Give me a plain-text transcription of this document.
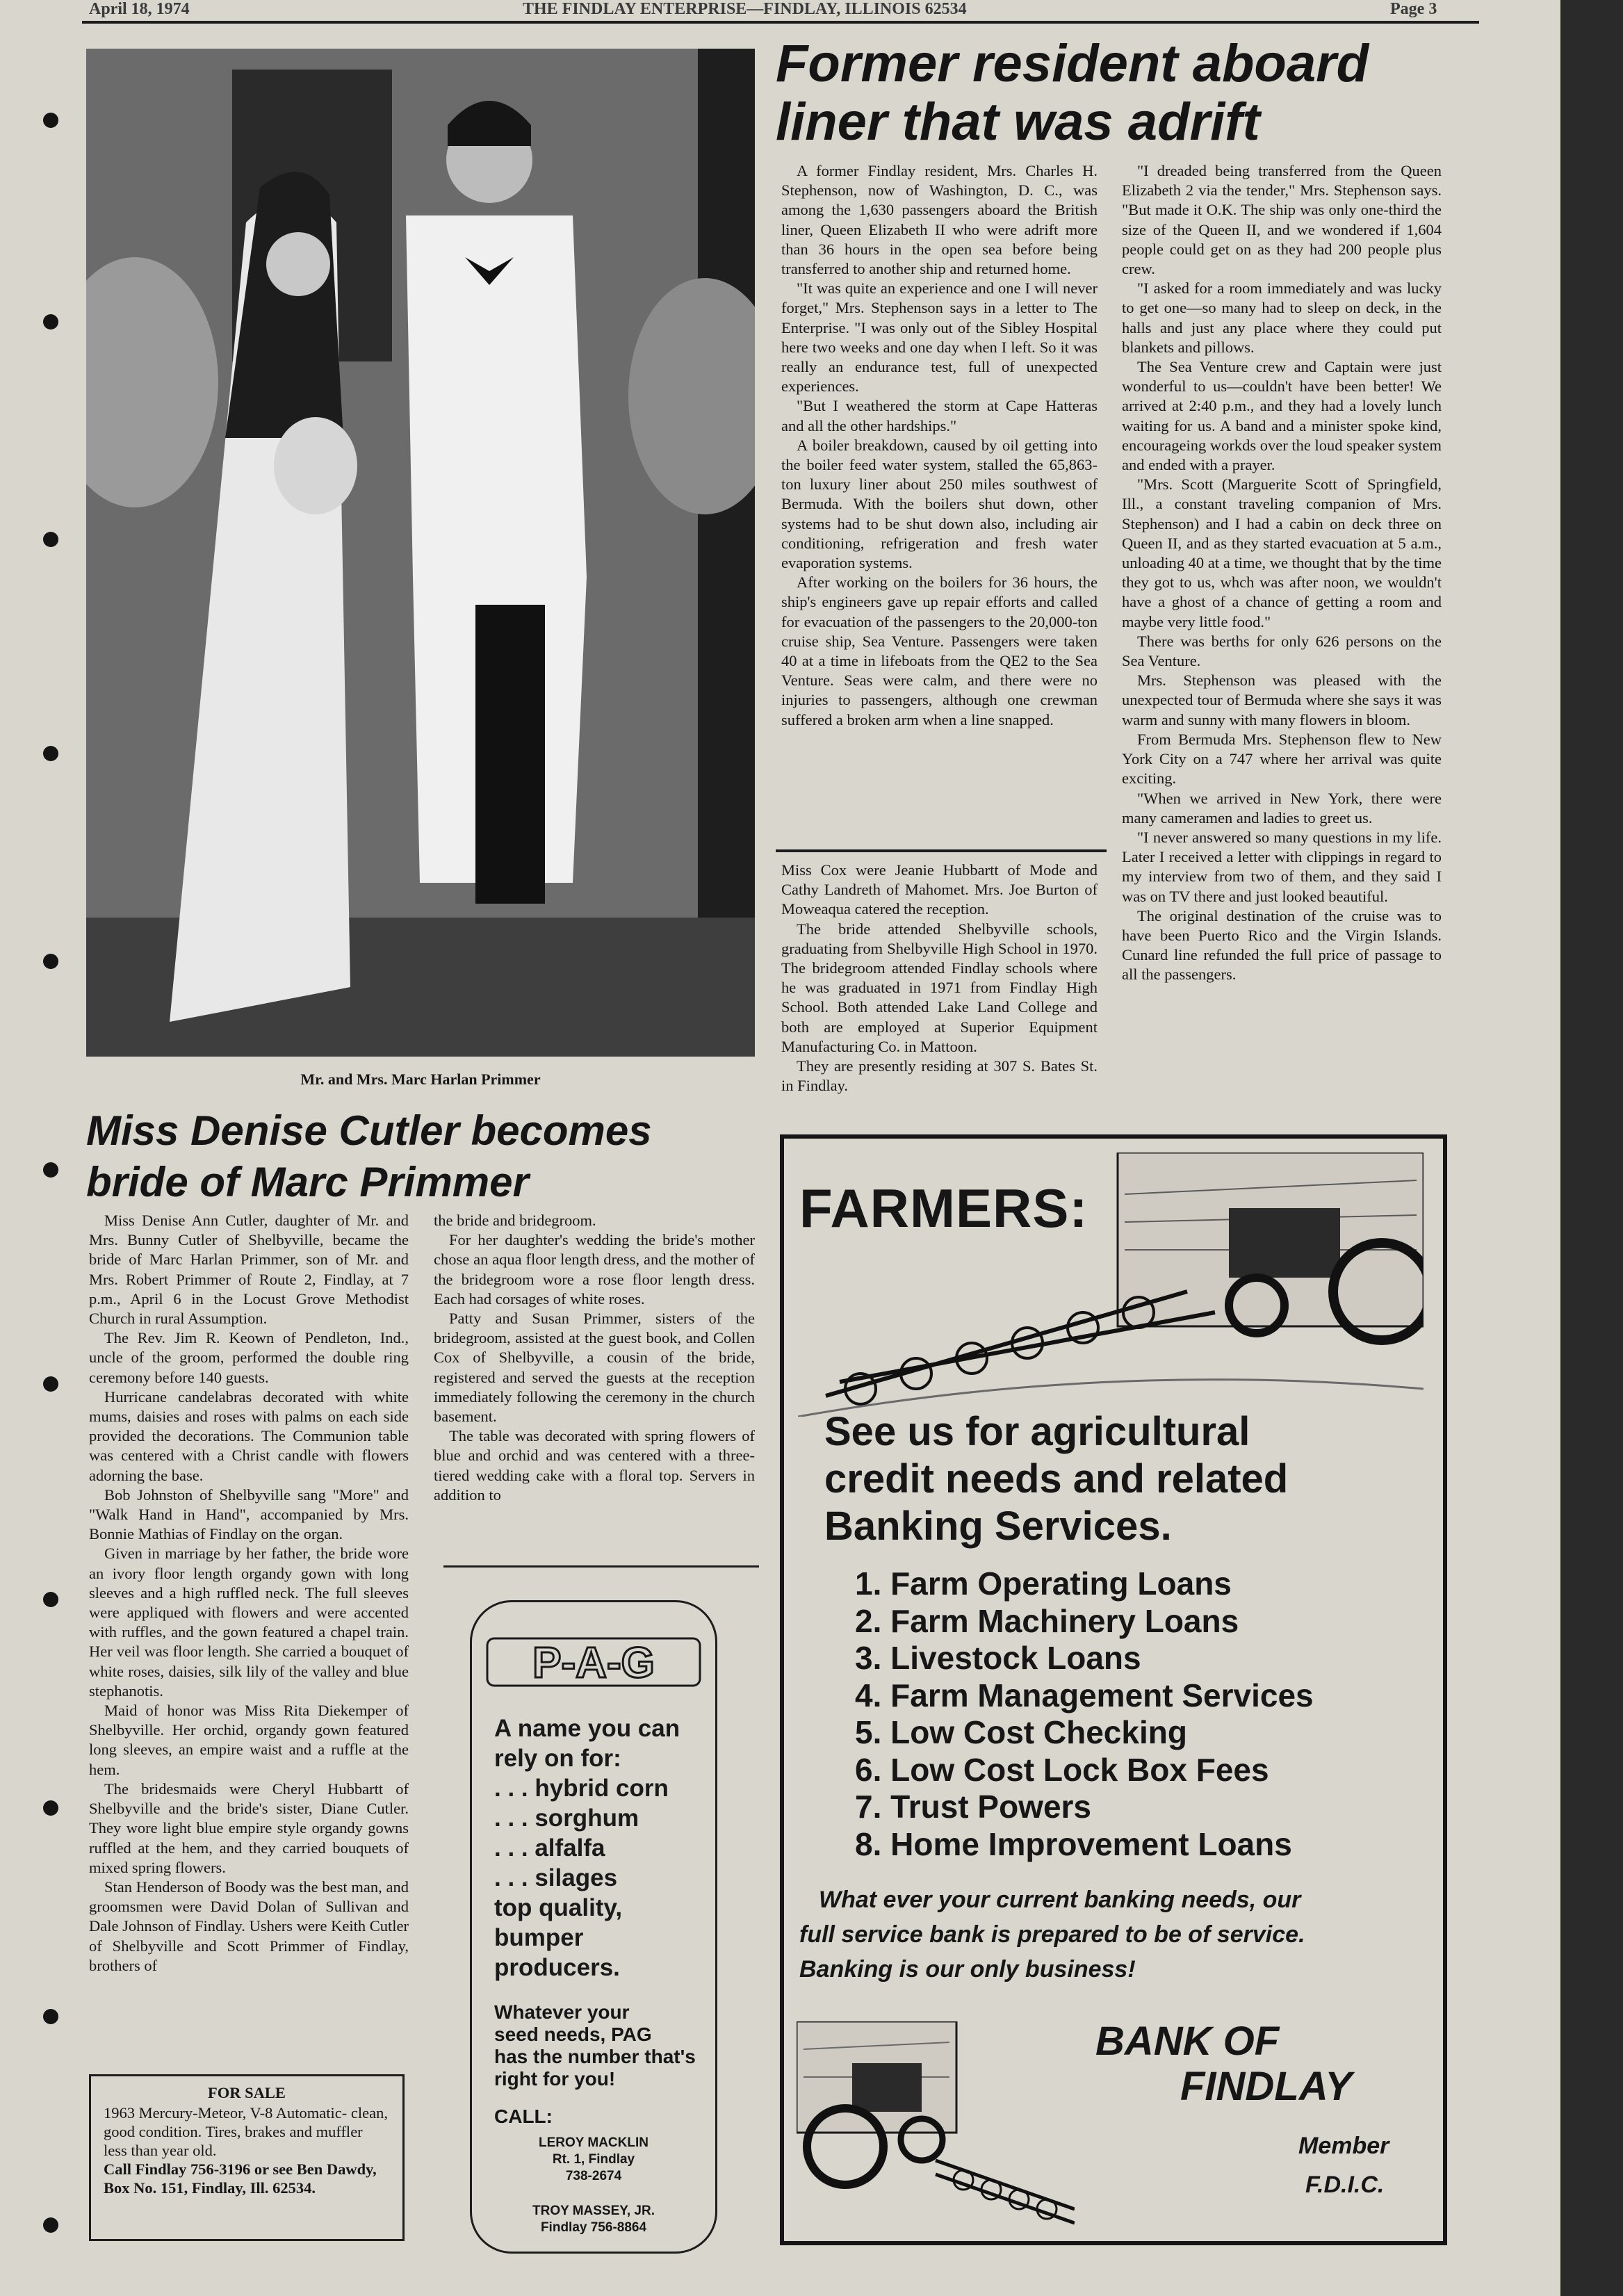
April 18, 1974	THE FINDLAY ENTERPRISE—FINDLAY, ILLINOIS 62534	Page 3
Mr. and Mrs. Marc Harlan Primmer
Former resident aboard
liner that was adrift

A former Findlay resident, Mrs. Charles H. Stephenson, now of Washington, D. C., was among the 1,630 passengers aboard the British liner, Queen Elizabeth II who were adrift more than 36 hours in the open sea before being transferred to another ship and returned home.

"It was quite an experience and one I will never forget," Mrs. Stephenson says in a letter to The Enterprise. "I was only out of the Sibley Hospital here two weeks and one day when I left. So it was really an endurance test, full of unexpected experiences.

"But I weathered the storm at Cape Hatteras and all the other hardships."

A boiler breakdown, caused by oil getting into the boiler feed water system, stalled the 65,863-ton luxury liner about 250 miles southwest of Bermuda. With the boilers shut down, other systems had to be shut down also, including air conditioning, refrigeration and fresh water evaporation systems.

After working on the boilers for 36 hours, the ship's engineers gave up repair efforts and called for evacuation of the passengers to the 20,000-ton cruise ship, Sea Venture. Passengers were taken 40 at a time in lifeboats from the QE2 to the Sea Venture. Seas were calm, and there were no injuries to passengers, although one crewman suffered a broken arm when a line snapped.

Miss Cox were Jeanie Hubbartt of Mode and Cathy Landreth of Mahomet. Mrs. Joe Burton of Moweaqua catered the reception.

The bride attended Shelbyville schools, graduating from Shelbyville High School in 1970. The bridegroom attended Findlay schools where he was graduated in 1971 from Findlay High School. Both attended Lake Land College and both are employed at Superior Equipment Manufacturing Co. in Mattoon.

They are presently residing at 307 S. Bates St. in Findlay.

"I dreaded being transferred from the Queen Elizabeth 2 via the tender," Mrs. Stephenson says. "But made it O.K. The ship was only one-third the size of the Queen II, and we wondered if 1,604 people could get on as they had 200 people plus crew.

"I asked for a room immediately and was lucky to get one—so many had to sleep on deck, in the halls and just any place where they could put blankets and pillows.

The Sea Venture crew and Captain were just wonderful to us—couldn't have been better! We arrived at 2:40 p.m., and they had a lovely lunch waiting for us. A band and a minister spoke kind, encourageing workds over the loud speaker system and ended with a prayer.

"Mrs. Scott (Marguerite Scott of Springfield, Ill., a constant traveling companion of Mrs. Stephenson) and I had a cabin on deck three on Queen II, and as they started evacuation at 5 a.m., unloading 40 at a time, we thought that by the time they got to us, whch was after noon, we wouldn't have a ghost of a chance of getting a room and maybe very little food."

There was berths for only 626 persons on the Sea Venture.

Mrs. Stephenson was pleased with the unexpected tour of Bermuda where she says it was warm and sunny with many flowers in bloom.

From Bermuda Mrs. Stephenson flew to New York City on a 747 where her arrival was quite exciting.

"When we arrived in New York, there were many cameramen and ladies to greet us.

"I never answered so many questions in my life. Later I received a letter with clippings in regard to my interview from two of them, and they said I was on TV there and just looked beautiful.

The original destination of the cruise was to have been Puerto Rico and the Virgin Islands. Cunard line refunded the full price of passage to all the passengers.

Miss Denise Cutler becomes
bride of Marc Primmer

Miss Denise Ann Cutler, daughter of Mr. and Mrs. Bunny Cutler of Shelbyville, became the bride of Marc Harlan Primmer, son of Mr. and Mrs. Robert Primmer of Route 2, Findlay, at 7 p.m., April 6 in the Locust Grove Methodist Church in rural Assumption.

The Rev. Jim R. Keown of Pendleton, Ind., uncle of the groom, performed the double ring ceremony before 140 guests.

Hurricane candelabras decorated with white mums, daisies and roses with palms on each side provided the decorations. The Communion table was centered with a Christ candle with flowers adorning the base.

Bob Johnston of Shelbyville sang "More" and "Walk Hand in Hand", accompanied by Mrs. Bonnie Mathias of Findlay on the organ.

Given in marriage by her father, the bride wore an ivory floor length organdy gown with long sleeves and a high ruffled neck. The full sleeves were appliqued with flowers and were accented with ruffles, and the gown featured a chapel train. Her veil was floor length. She carried a bouquet of white roses, daisies, silk lily of the valley and blue stephanotis.

Maid of honor was Miss Rita Diekemper of Shelbyville. Her orchid, organdy gown featured long sleeves, an empire waist and a ruffle at the hem.

The bridesmaids were Cheryl Hubbartt of Shelbyville and the bride's sister, Diane Cutler. They wore light blue empire style organdy gowns ruffled at the hem, and they carried bouquets of mixed spring flowers.

Stan Henderson of Boody was the best man, and groomsmen were David Dolan of Sullivan and Dale Johnson of Findlay. Ushers were Keith Cutler of Shelbyville and Scott Primmer of Findlay, brothers of

the bride and bridegroom.

For her daughter's wedding the bride's mother chose an aqua floor length dress, and the mother of the bridegroom wore a rose floor length dress. Each had corsages of white roses.

Patty and Susan Primmer, sisters of the bridegroom, assisted at the guest book, and Collen Cox of Shelbyville, a cousin of the bride, registered and served the guests at the reception immediately following the ceremony in the church basement.

The table was decorated with spring flowers of blue and orchid and was centered with a three-tiered wedding cake with a floral top. Servers in addition to

FOR SALE

1963 Mercury-Meteor, V-8 Automatic- clean, good condition. Tires, brakes and muffler less than year old.

Call Findlay 756-3196 or see Ben Dawdy, Box No. 151, Findlay, Ill. 62534.

P-A-G
A name you can
rely on for:
. . . hybrid corn
. . . sorghum
. . . alfalfa
. . . silages
top quality,
bumper
producers.
Whatever your
seed needs, PAG
has the number that's
right for you!
CALL:
LEROY MACKLIN
Rt. 1, Findlay
738-2674
TROY MASSEY, JR.
Findlay 756-8864
FARMERS:
See us for agricultural
credit needs and related
Banking Services.
1. Farm Operating Loans
2. Farm Machinery Loans
3. Livestock Loans
4. Farm Management Services
5. Low Cost Checking
6. Low Cost Lock Box Fees
7. Trust Powers
8. Home Improvement Loans
What ever your current banking needs, our
full service bank is prepared to be of service.
Banking is our only business!
BANK OF
FINDLAY
Member
F.D.I.C.
